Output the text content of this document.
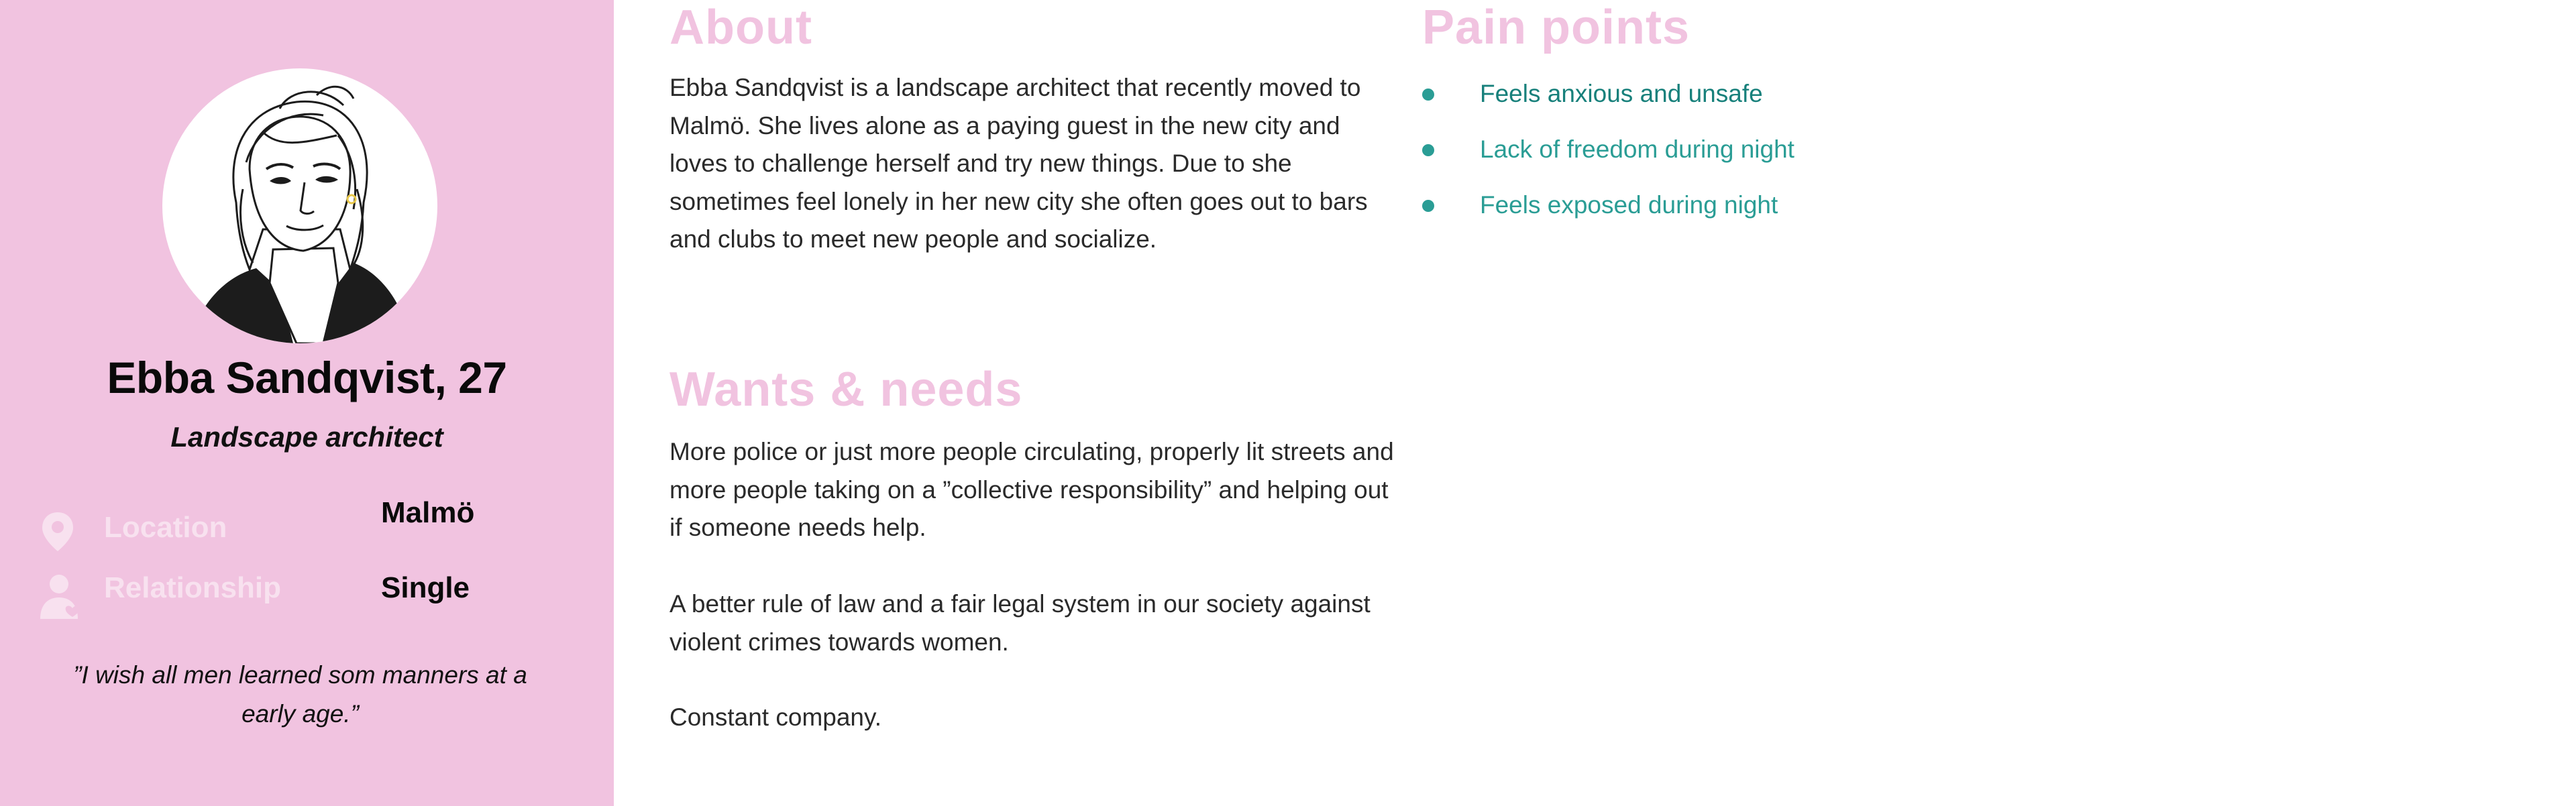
Ebba Sandqvist, 27
Landscape architect
Location	Malmö
Relationship	Single
”I wish all men learned som manners at a early age.”
About

Ebba Sandqvist is a landscape architect that recently moved to Malmö. She lives alone as a paying guest in the new city and loves to challenge herself and try new things. Due to she sometimes feel lonely in her new city she often goes out to bars and clubs to meet new people and socialize.

Wants & needs

More police or just more people circulating, properly lit streets and more people taking on a ”collective responsibility” and helping out if someone needs help.

A better rule of law and a fair legal system in our society against violent crimes towards women.

Constant company.

Pain points
Feels anxious and unsafe
Lack of freedom during night
Feels exposed during night
